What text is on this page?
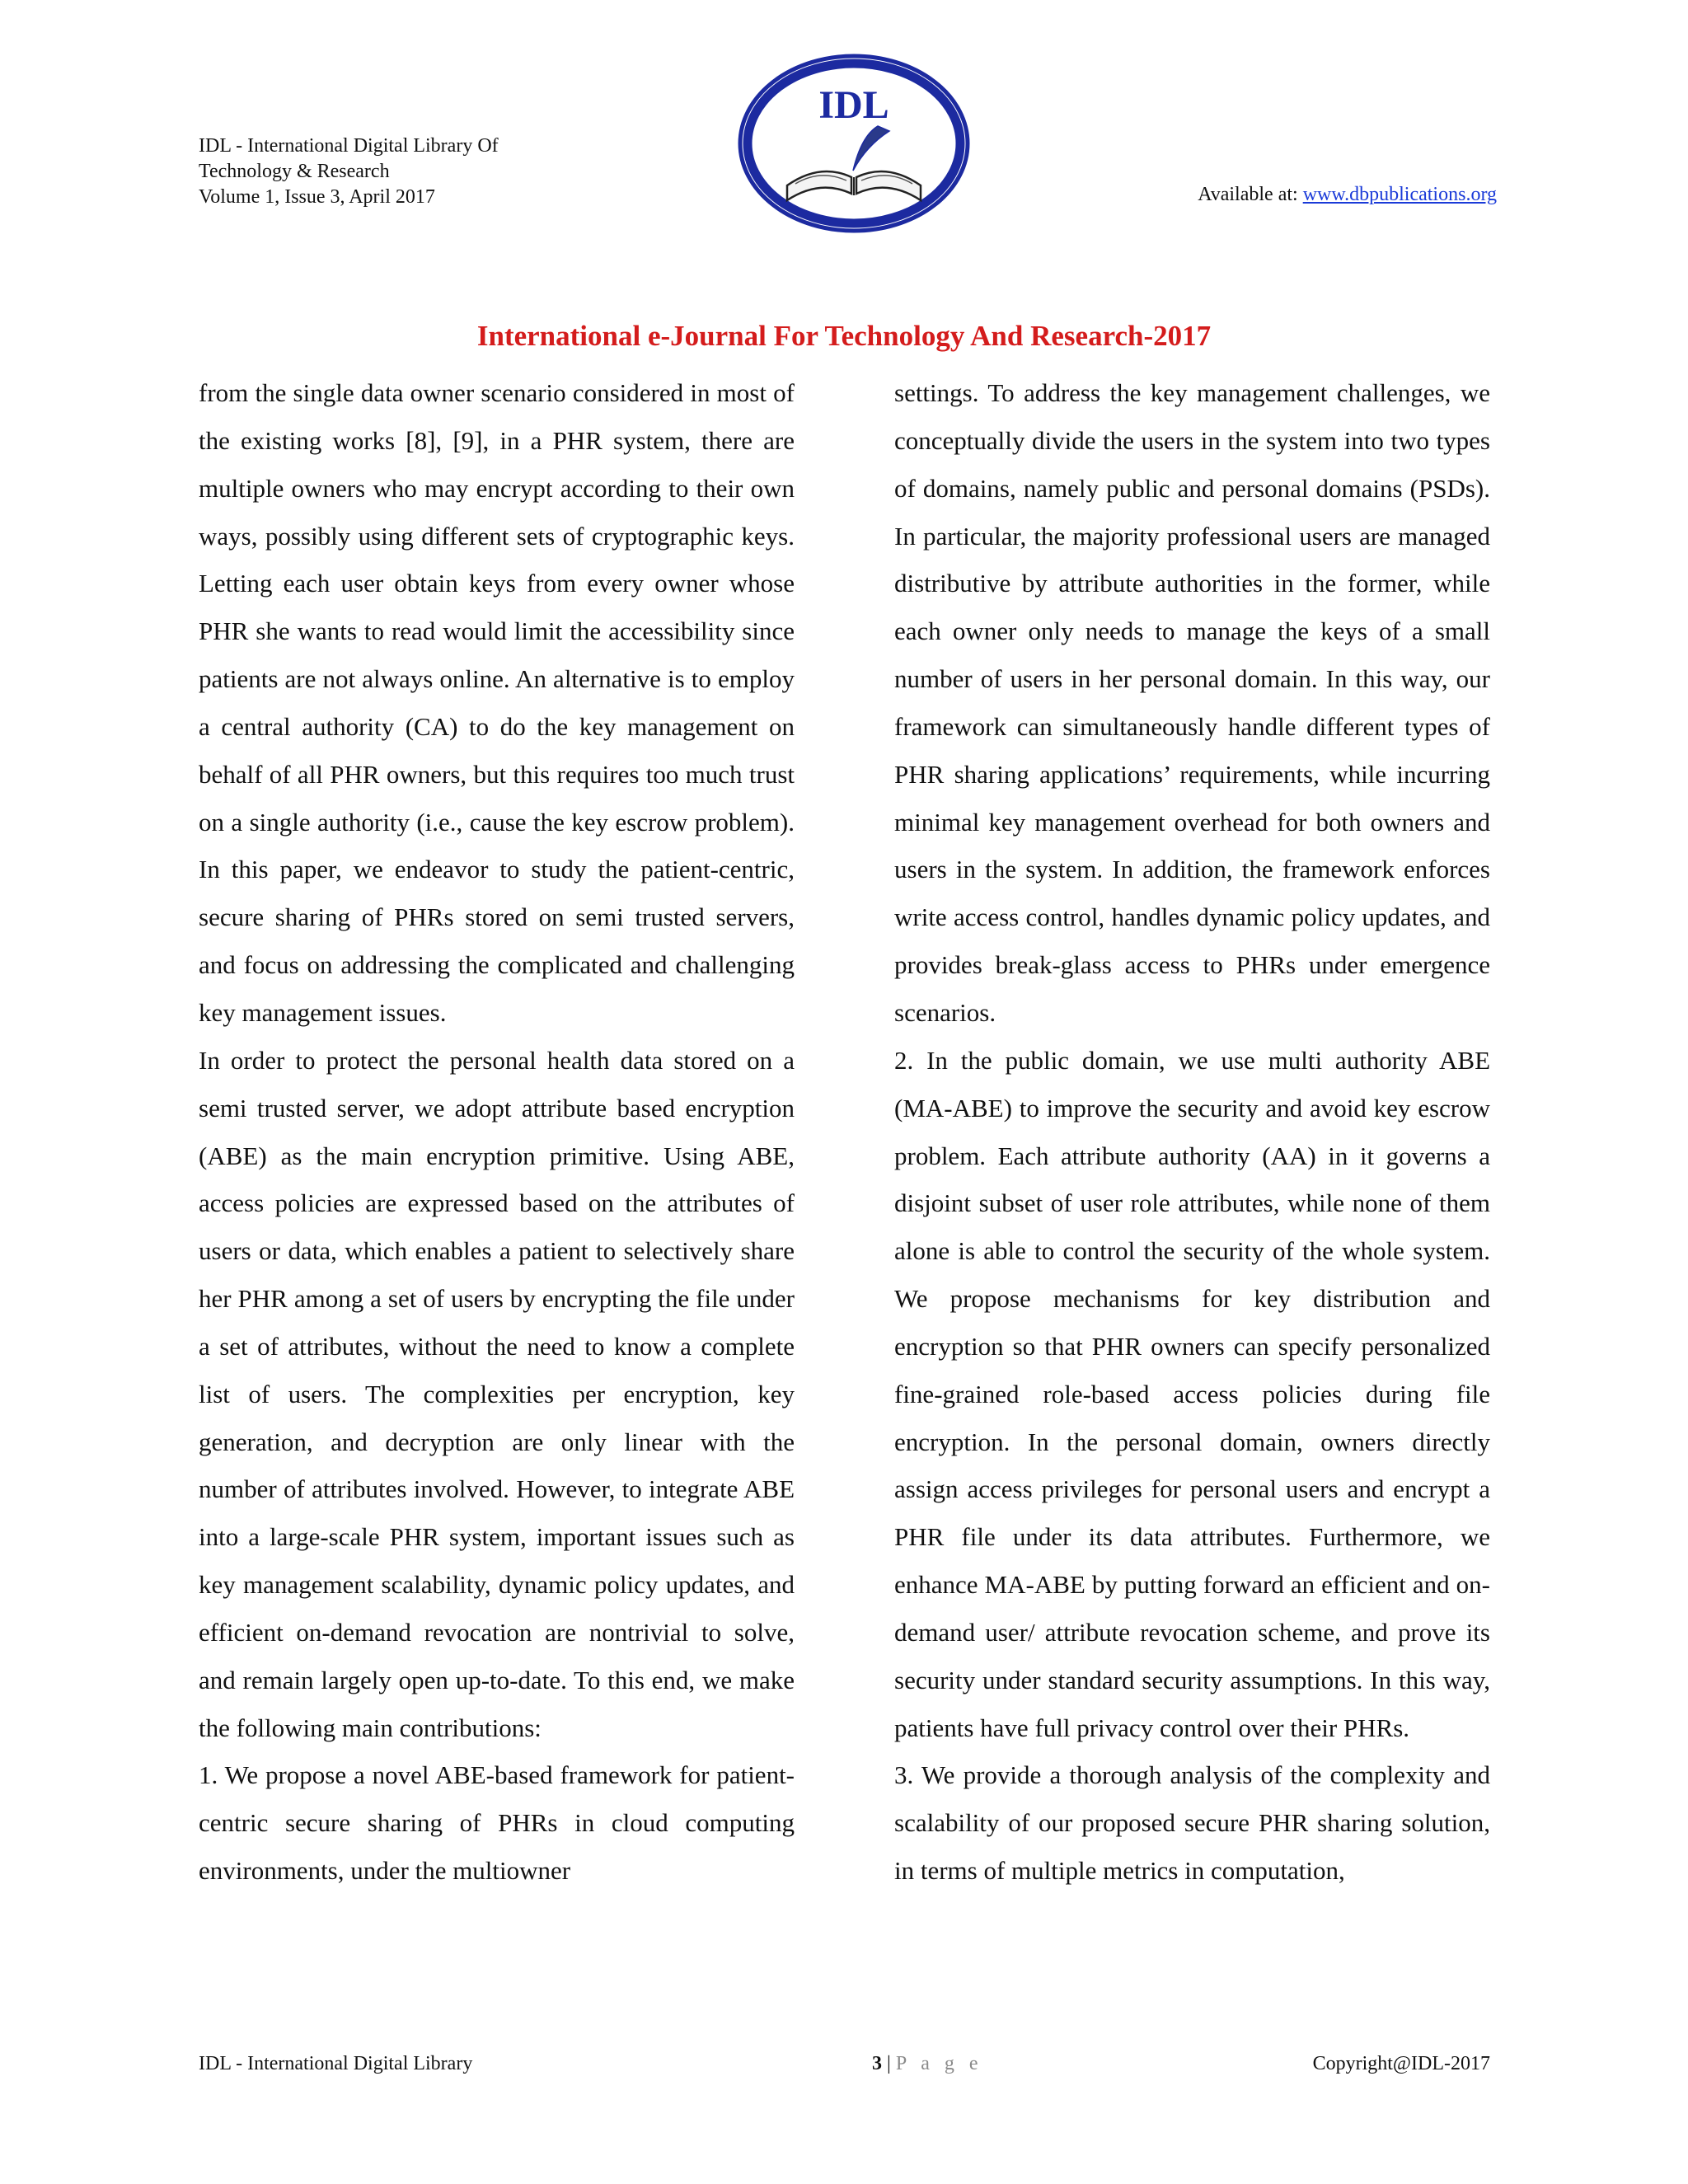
IDL - International Digital Library Of
Technology & Research
Volume 1, Issue 3, April 2017
IDL
Available at: www.dbpublications.org
International e-Journal For Technology And Research-2017

from the single data owner scenario considered in most of the existing works [8], [9], in a PHR system, there are multiple owners who may encrypt according to their own ways, possibly using different sets of cryptographic keys. Letting each user obtain keys from every owner whose PHR she wants to read would limit the accessibility since patients are not always online. An alternative is to employ a central authority (CA) to do the key management on behalf of all PHR owners, but this requires too much trust on a single authority (i.e., cause the key escrow problem). In this paper, we endeavor to study the patient-centric, secure sharing of PHRs stored on semi trusted servers, and focus on addressing the complicated and challenging key management issues.

In order to protect the personal health data stored on a semi trusted server, we adopt attribute based encryption (ABE) as the main encryption primitive. Using ABE, access policies are expressed based on the attributes of users or data, which enables a patient to selectively share her PHR among a set of users by encrypting the file under a set of attributes, without the need to know a complete list of users. The complexities per encryption, key generation, and decryption are only linear with the number of attributes involved. However, to integrate ABE into a large-scale PHR system, important issues such as key management scalability, dynamic policy updates, and efficient on-demand revocation are nontrivial to solve, and remain largely open up-to-date. To this end, we make the following main contributions:

1. We propose a novel ABE-based framework for patient-centric secure sharing of PHRs in cloud computing environments, under the multiowner

settings. To address the key management challenges, we conceptually divide the users in the system into two types of domains, namely public and personal domains (PSDs). In particular, the majority professional users are managed distributive by attribute authorities in the former, while each owner only needs to manage the keys of a small number of users in her personal domain. In this way, our framework can simultaneously handle different types of PHR sharing applications’ requirements, while incurring minimal key management overhead for both owners and users in the system. In addition, the framework enforces write access control, handles dynamic policy updates, and provides break-glass access to PHRs under emergence scenarios.

2. In the public domain, we use multi authority ABE (MA-ABE) to improve the security and avoid key escrow problem. Each attribute authority (AA) in it governs a disjoint subset of user role attributes, while none of them alone is able to control the security of the whole system. We propose mechanisms for key distribution and encryption so that PHR owners can specify personalized fine-grained role-based access policies during file encryption. In the personal domain, owners directly assign access privileges for personal users and encrypt a PHR file under its data attributes. Furthermore, we enhance MA-ABE by putting forward an efficient and on-demand user/ attribute revocation scheme, and prove its security under standard security assumptions. In this way, patients have full privacy control over their PHRs.

3. We provide a thorough analysis of the complexity and scalability of our proposed secure PHR sharing solution, in terms of multiple metrics in computation,

IDL - International Digital Library	3 | P a g e	Copyright@IDL-2017
